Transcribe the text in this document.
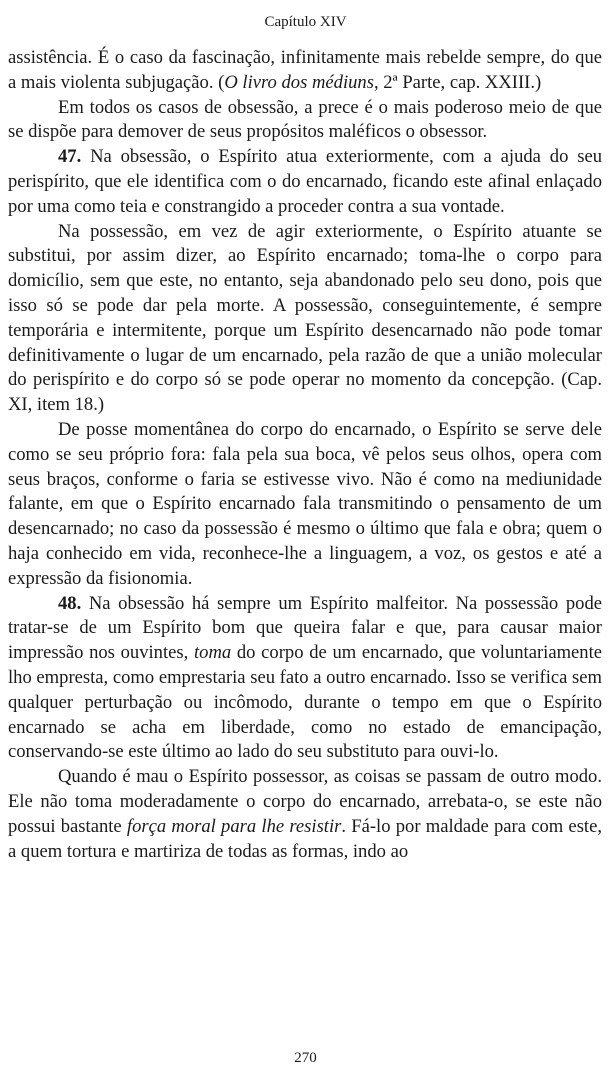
Capítulo XIV

assistência. É o caso da fascinação, infinitamente mais rebelde sempre, do que a mais violenta subjugação. (O livro dos médiuns, 2ª Parte, cap. XXIII.)

Em todos os casos de obsessão, a prece é o mais poderoso meio de que se dispõe para demover de seus propósitos maléficos o obsessor.

47. Na obsessão, o Espírito atua exteriormente, com a ajuda do seu perispírito, que ele identifica com o do encarnado, ficando este afinal enlaçado por uma como teia e constrangido a proceder contra a sua vontade.

Na possessão, em vez de agir exteriormente, o Espírito atuante se substitui, por assim dizer, ao Espírito encarnado; toma-lhe o corpo para domicílio, sem que este, no entanto, seja abandonado pelo seu dono, pois que isso só se pode dar pela morte. A possessão, conseguintemente, é sempre temporária e intermitente, porque um Espírito desencarnado não pode tomar definitivamente o lugar de um encarnado, pela razão de que a união molecular do perispírito e do corpo só se pode operar no momento da concepção. (Cap. XI, item 18.)

De posse momentânea do corpo do encarnado, o Espírito se serve dele como se seu próprio fora: fala pela sua boca, vê pelos seus olhos, opera com seus braços, conforme o faria se estivesse vivo. Não é como na mediunidade falante, em que o Espírito encarnado fala transmitindo o pensamento de um desencarnado; no caso da possessão é mesmo o último que fala e obra; quem o haja conhecido em vida, reconhece-lhe a linguagem, a voz, os gestos e até a expressão da fisionomia.

48. Na obsessão há sempre um Espírito malfeitor. Na possessão pode tratar-se de um Espírito bom que queira falar e que, para causar maior impressão nos ouvintes, toma do corpo de um encarnado, que voluntariamente lho empresta, como emprestaria seu fato a outro encarnado. Isso se verifica sem qualquer perturbação ou incômodo, durante o tempo em que o Espírito encarnado se acha em liberdade, como no estado de emancipação, conservando-se este último ao lado do seu substituto para ouvi-lo.

Quando é mau o Espírito possessor, as coisas se passam de outro modo. Ele não toma moderadamente o corpo do encarnado, arrebata-o, se este não possui bastante força moral para lhe resistir. Fá-lo por maldade para com este, a quem tortura e martiriza de todas as formas, indo ao

270
